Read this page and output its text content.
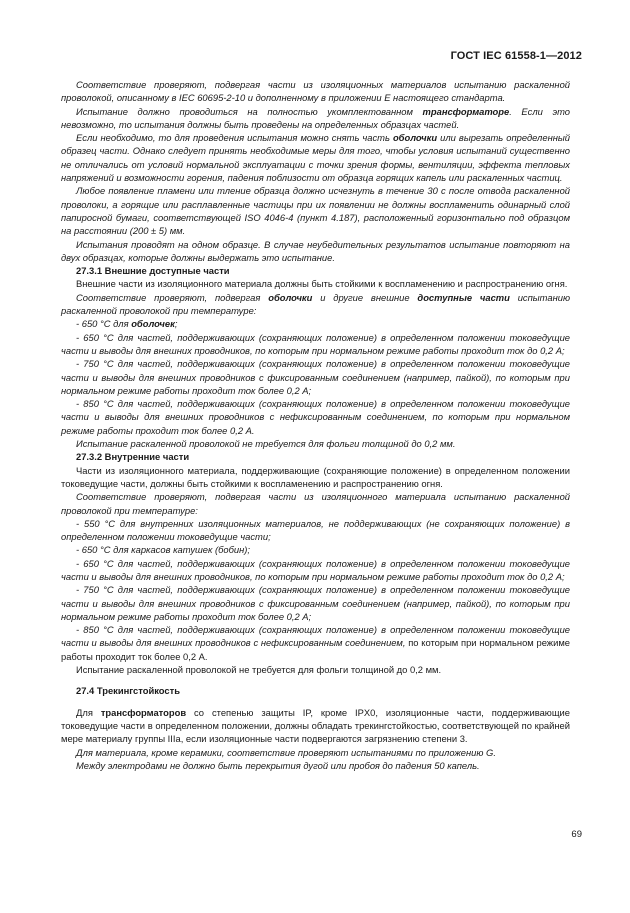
ГОСТ IEC 61558-1—2012

Соответствие проверяют, подвергая части из изоляционных материалов испытанию раскаленной проволокой, описанному в IEC 60695-2-10 и дополненному в приложении E настоящего стандарта.

Испытание должно проводиться на полностью укомплектованном трансформаторе. Если это невозможно, то испытания должны быть проведены на определенных образцах частей.

Если необходимо, то для проведения испытания можно снять часть оболочки или вырезать определенный образец части. Однако следует принять необходимые меры для того, чтобы условия испытаний существенно не отличались от условий нормальной эксплуатации с точки зрения формы, вентиляции, эффекта тепловых напряжений и возможности горения, падения поблизости от образца горящих капель или раскаленных частиц.

Любое появление пламени или тление образца должно исчезнуть в течение 30 с после отвода раскаленной проволоки, а горящие или расплавленные частицы при их появлении не должны воспламенить одинарный слой папиросной бумаги, соответствующей ISO 4046-4 (пункт 4.187), расположенный горизонтально под образцом на расстоянии (200 ± 5) мм.

Испытания проводят на одном образце. В случае неубедительных результатов испытание повторяют на двух образцах, которые должны выдержать это испытание.

27.3.1 Внешние доступные части

Внешние части из изоляционного материала должны быть стойкими к воспламенению и распространению огня.

Соответствие проверяют, подвергая оболочки и другие внешние доступные части испытанию раскаленной проволокой при температуре:

- 650 °С для оболочек;

- 650 °С для частей, поддерживающих (сохраняющих положение) в определенном положении токоведущие части и выводы для внешних проводников, по которым при нормальном режиме работы проходит ток до 0,2 A;

- 750 °С для частей, поддерживающих (сохраняющих положение) в определенном положении токоведущие части и выводы для внешних проводников с фиксированным соединением (например, пайкой), по которым при нормальном режиме работы проходит ток более 0,2 A;

- 850 °С для частей, поддерживающих (сохраняющих положение) в определенном положении токоведущие части и выводы для внешних проводников с нефиксированным соединением, по которым при нормальном режиме работы проходит ток более 0,2 A.

Испытание раскаленной проволокой не требуется для фольги толщиной до 0,2 мм.

27.3.2 Внутренние части

Части из изоляционного материала, поддерживающие (сохраняющие положение) в определенном положении токоведущие части, должны быть стойкими к воспламенению и распространению огня.

Соответствие проверяют, подвергая части из изоляционного материала испытанию раскаленной проволокой при температуре:

- 550 °С для внутренних изоляционных материалов, не поддерживающих (не сохраняющих положение) в определенном положении токоведущие части;

- 650 °С для каркасов катушек (бобин);

- 650 °С для частей, поддерживающих (сохраняющих положение) в определенном положении токоведущие части и выводы для внешних проводников, по которым при нормальном режиме работы проходит ток до 0,2 A;

- 750 °С для частей, поддерживающих (сохраняющих положение) в определенном положении токоведущие части и выводы для внешних проводников с фиксированным соединением (например, пайкой), по которым при нормальном режиме работы проходит ток более 0,2 A;

- 850 °С для частей, поддерживающих (сохраняющих положение) в определенном положении токоведущие части и выводы для внешних проводников с нефиксированным соединением, по которым при нормальном режиме работы проходит ток более 0,2 А.

Испытание раскаленной проволокой не требуется для фольги толщиной до 0,2 мм.

27.4 Трекингстойкость

Для трансформаторов со степенью защиты IP, кроме IPX0, изоляционные части, поддерживающие токоведущие части в определенном положении, должны обладать трекингстойкостью, соответствующей по крайней мере материалу группы IIIa, если изоляционные части подвергаются загрязнению степени 3.

Для материала, кроме керамики, соответствие проверяют испытаниями по приложению G.

Между электродами не должно быть перекрытия дугой или пробоя до падения 50 капель.

69
